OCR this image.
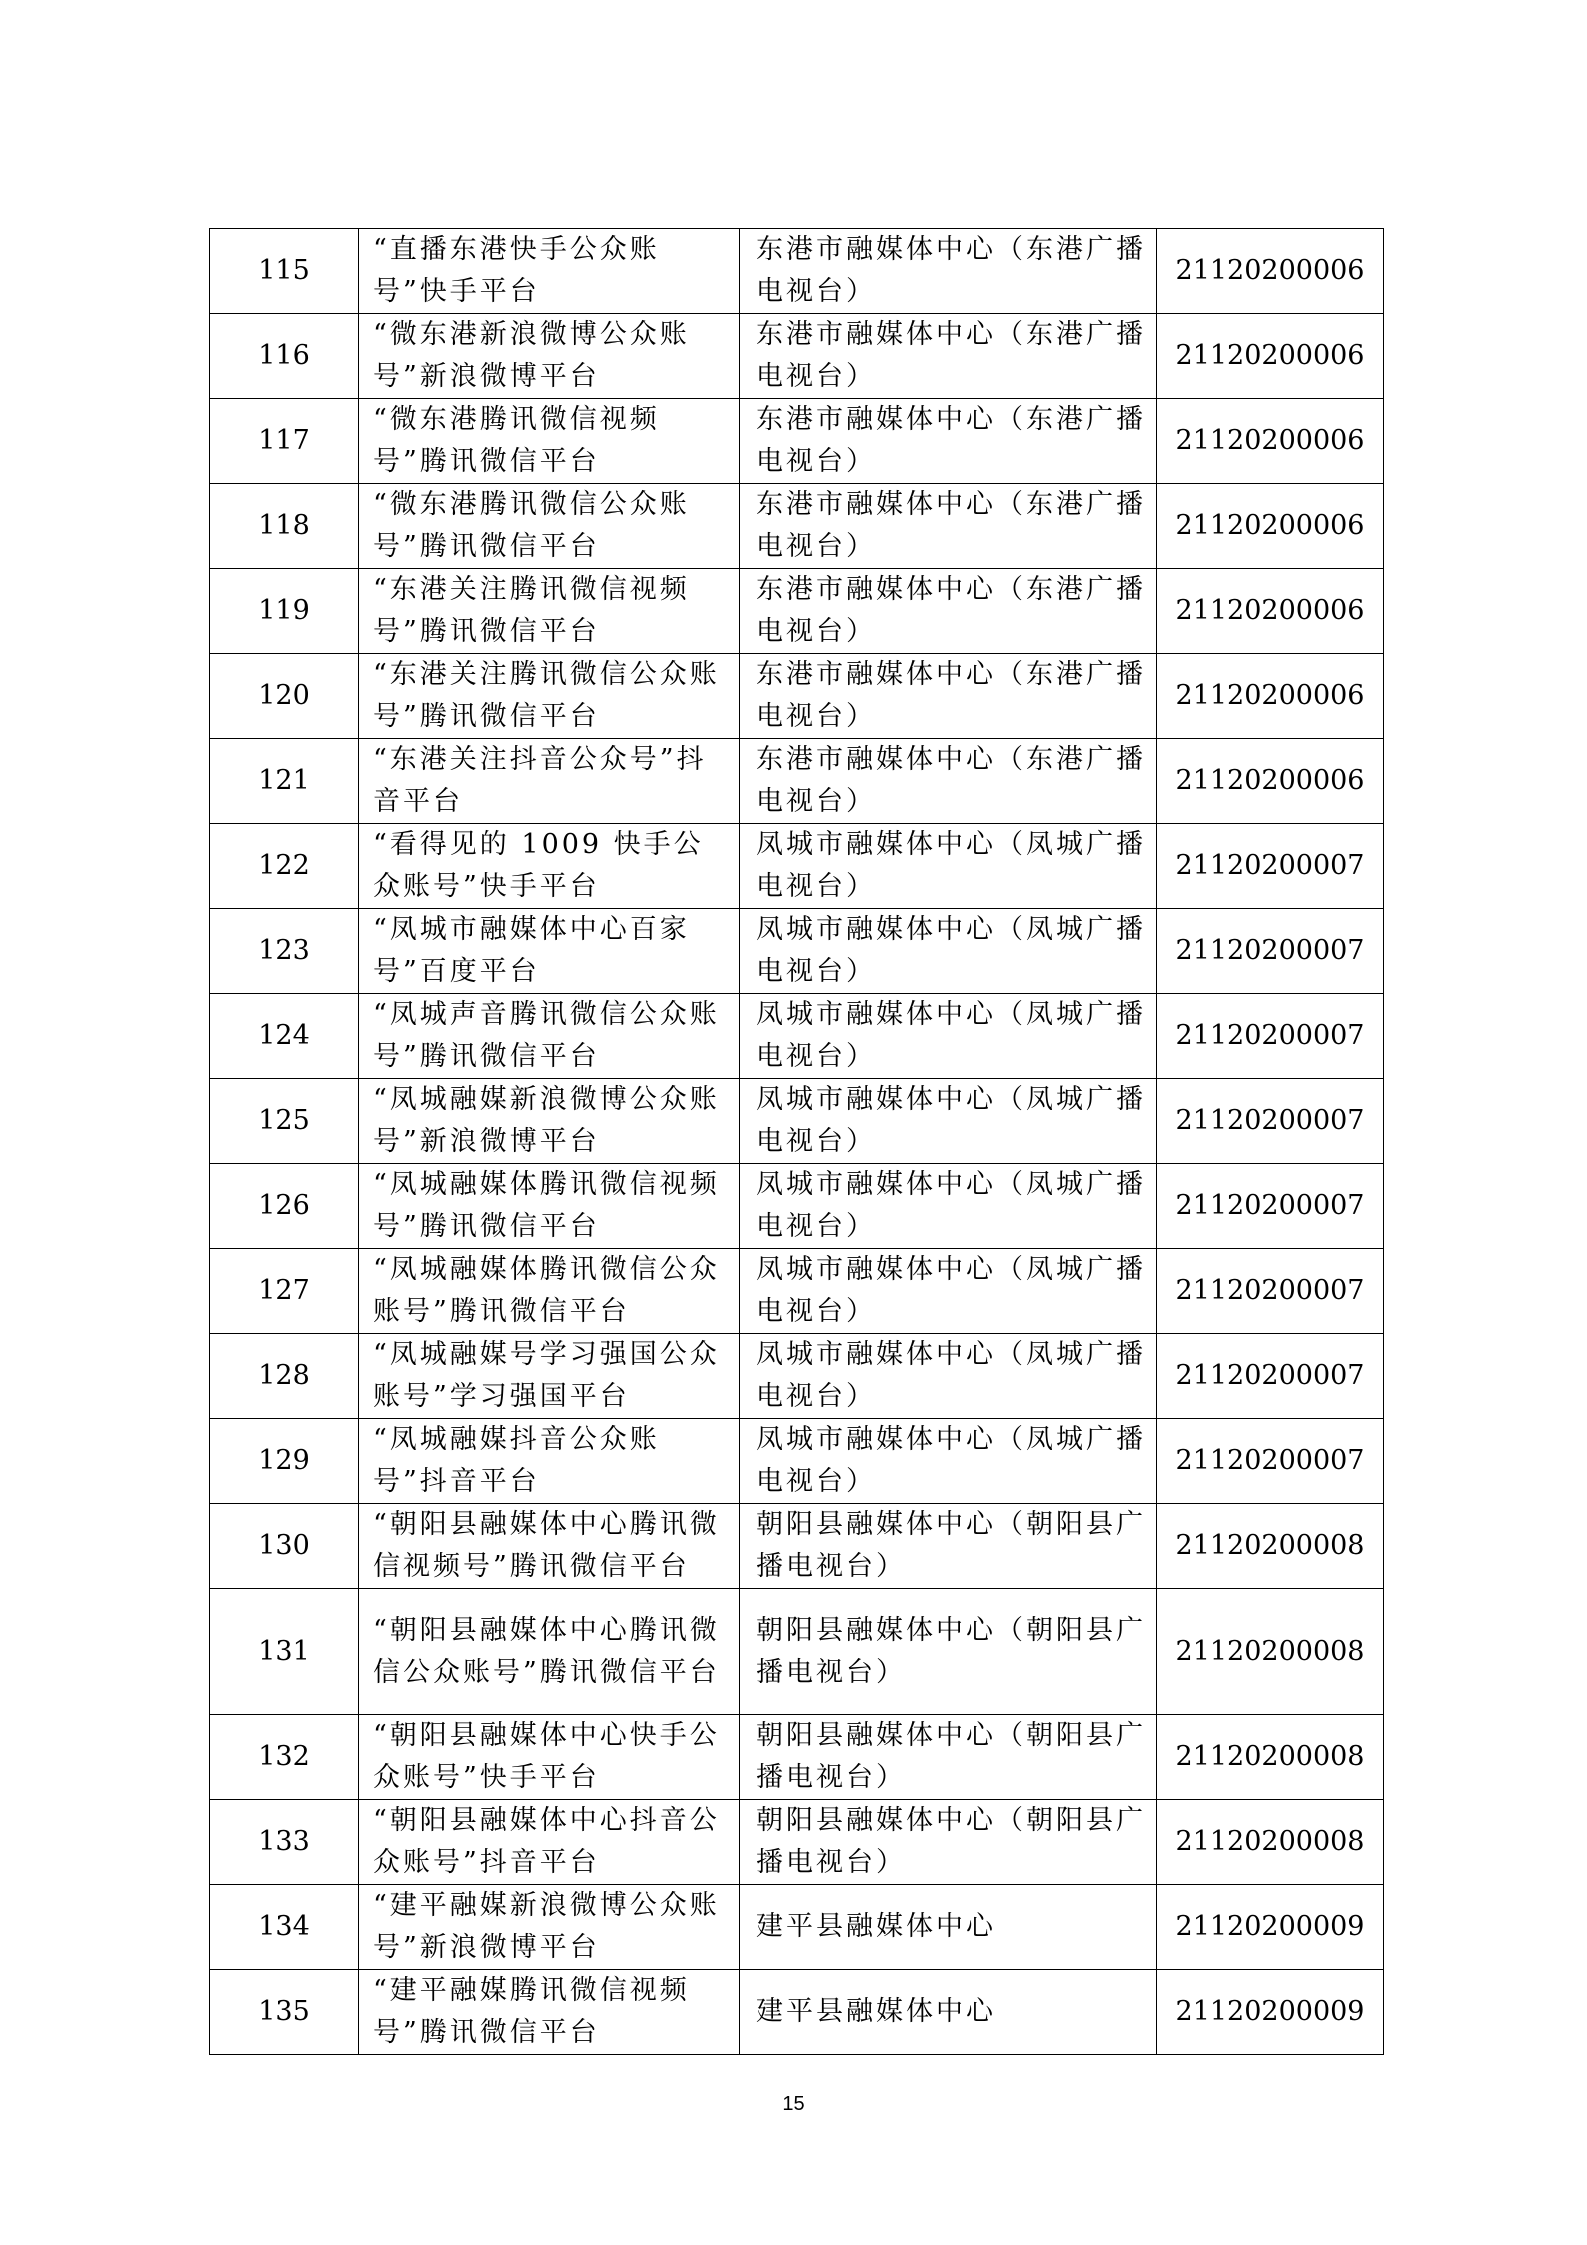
115	“直播东港快手公众账号”快手平台	东港市融媒体中心（东港广播电视台）	21120200006
116	“微东港新浪微博公众账号”新浪微博平台	东港市融媒体中心（东港广播电视台）	21120200006
117	“微东港腾讯微信视频号”腾讯微信平台	东港市融媒体中心（东港广播电视台）	21120200006
118	“微东港腾讯微信公众账号”腾讯微信平台	东港市融媒体中心（东港广播电视台）	21120200006
119	“东港关注腾讯微信视频号”腾讯微信平台	东港市融媒体中心（东港广播电视台）	21120200006
120	“东港关注腾讯微信公众账号”腾讯微信平台	东港市融媒体中心（东港广播电视台）	21120200006
121	“东港关注抖音公众号”抖音平台	东港市融媒体中心（东港广播电视台）	21120200006
122	“看得见的 1009 快手公众账号”快手平台	凤城市融媒体中心（凤城广播电视台）	21120200007
123	“凤城市融媒体中心百家号”百度平台	凤城市融媒体中心（凤城广播电视台）	21120200007
124	“凤城声音腾讯微信公众账号”腾讯微信平台	凤城市融媒体中心（凤城广播电视台）	21120200007
125	“凤城融媒新浪微博公众账号”新浪微博平台	凤城市融媒体中心（凤城广播电视台）	21120200007
126	“凤城融媒体腾讯微信视频号”腾讯微信平台	凤城市融媒体中心（凤城广播电视台）	21120200007
127	“凤城融媒体腾讯微信公众账号”腾讯微信平台	凤城市融媒体中心（凤城广播电视台）	21120200007
128	“凤城融媒号学习强国公众账号”学习强国平台	凤城市融媒体中心（凤城广播电视台）	21120200007
129	“凤城融媒抖音公众账号”抖音平台	凤城市融媒体中心（凤城广播电视台）	21120200007
130	“朝阳县融媒体中心腾讯微信视频号”腾讯微信平台	朝阳县融媒体中心（朝阳县广播电视台）	21120200008
131	“朝阳县融媒体中心腾讯微信公众账号”腾讯微信平台	朝阳县融媒体中心（朝阳县广播电视台）	21120200008
132	“朝阳县融媒体中心快手公众账号”快手平台	朝阳县融媒体中心（朝阳县广播电视台）	21120200008
133	“朝阳县融媒体中心抖音公众账号”抖音平台	朝阳县融媒体中心（朝阳县广播电视台）	21120200008
134	“建平融媒新浪微博公众账号”新浪微博平台	建平县融媒体中心	21120200009
135	“建平融媒腾讯微信视频号”腾讯微信平台	建平县融媒体中心	21120200009
15
